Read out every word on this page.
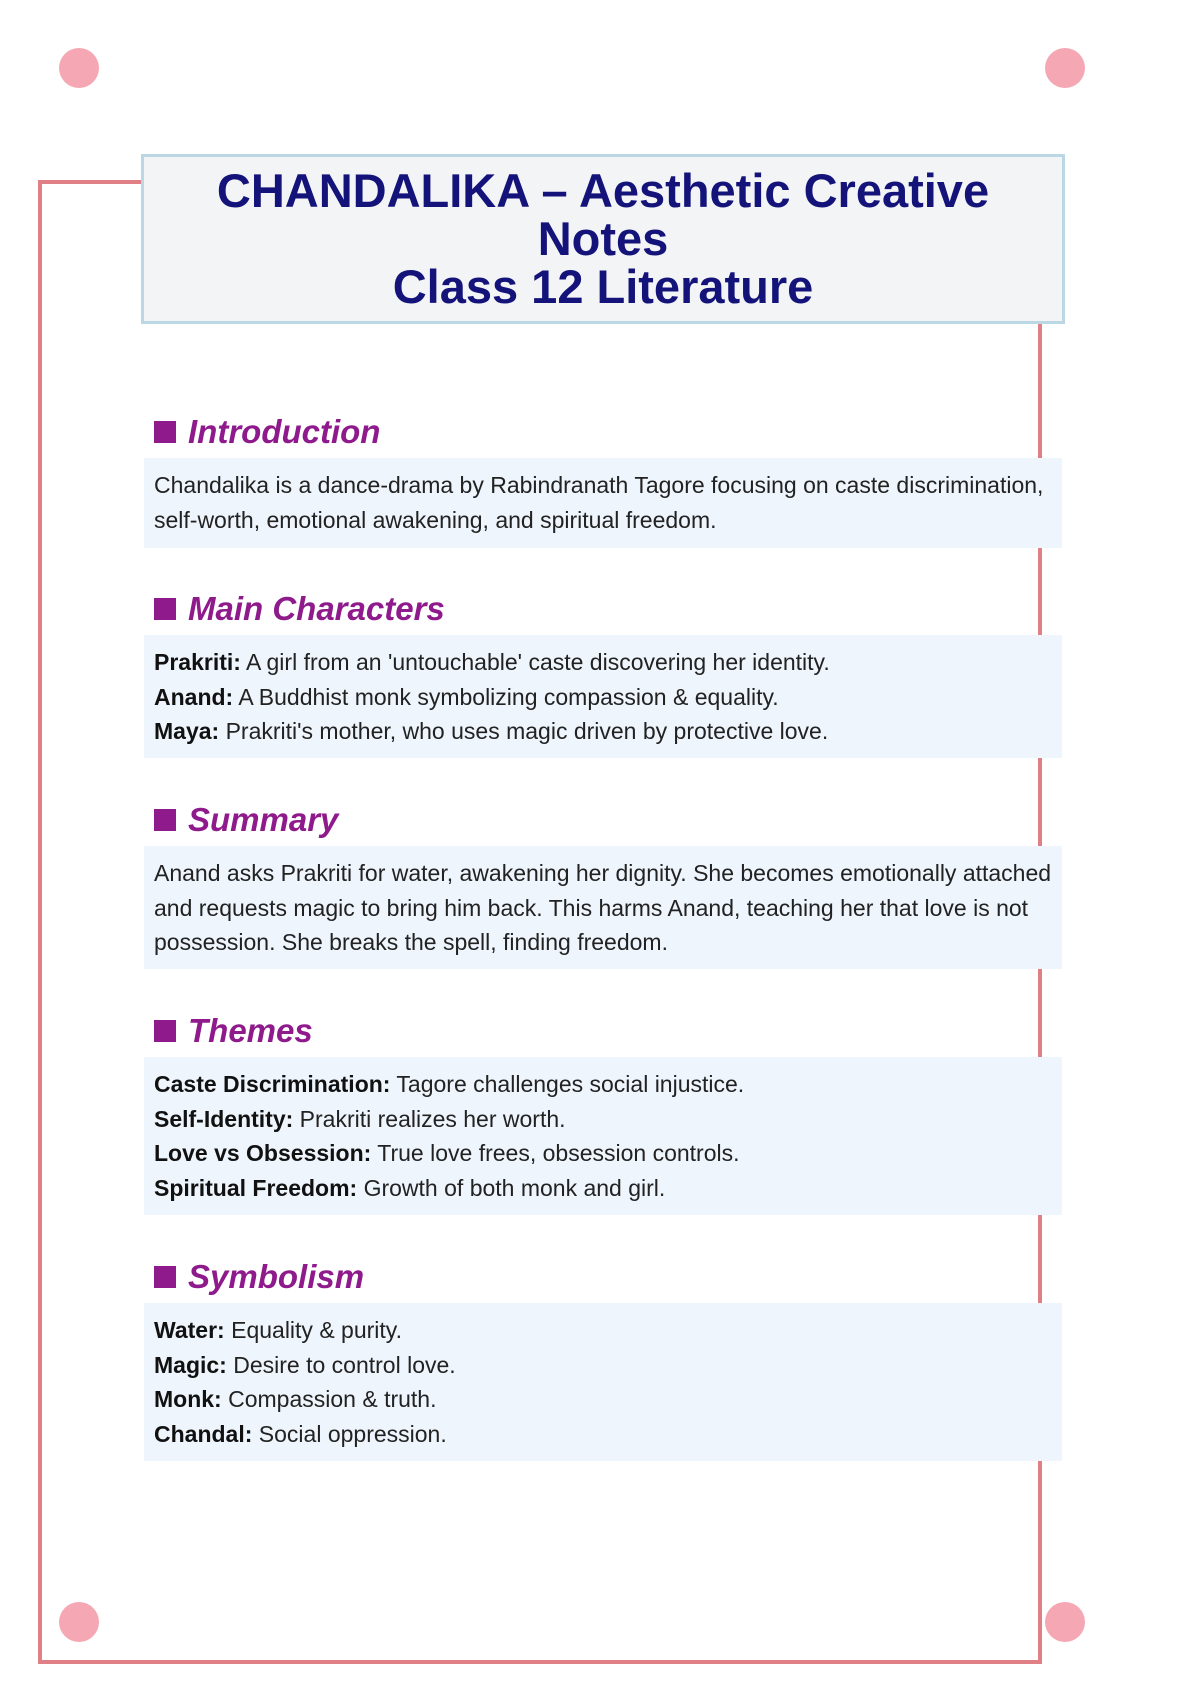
CHANDALIKA – Aesthetic Creative
Notes
Class 12 Literature
Introduction

Chandalika is a dance-drama by Rabindranath Tagore focusing on caste discrimination, self-worth, emotional awakening, and spiritual freedom.

Main Characters

Prakriti: A girl from an 'untouchable' caste discovering her identity.

Anand: A Buddhist monk symbolizing compassion & equality.

Maya: Prakriti's mother, who uses magic driven by protective love.

Summary

Anand asks Prakriti for water, awakening her dignity. She becomes emotionally attached and requests magic to bring him back. This harms Anand, teaching her that love is not possession. She breaks the spell, finding freedom.

Themes

Caste Discrimination: Tagore challenges social injustice.

Self-Identity: Prakriti realizes her worth.

Love vs Obsession: True love frees, obsession controls.

Spiritual Freedom: Growth of both monk and girl.

Symbolism

Water: Equality & purity.

Magic: Desire to control love.

Monk: Compassion & truth.

Chandal: Social oppression.
